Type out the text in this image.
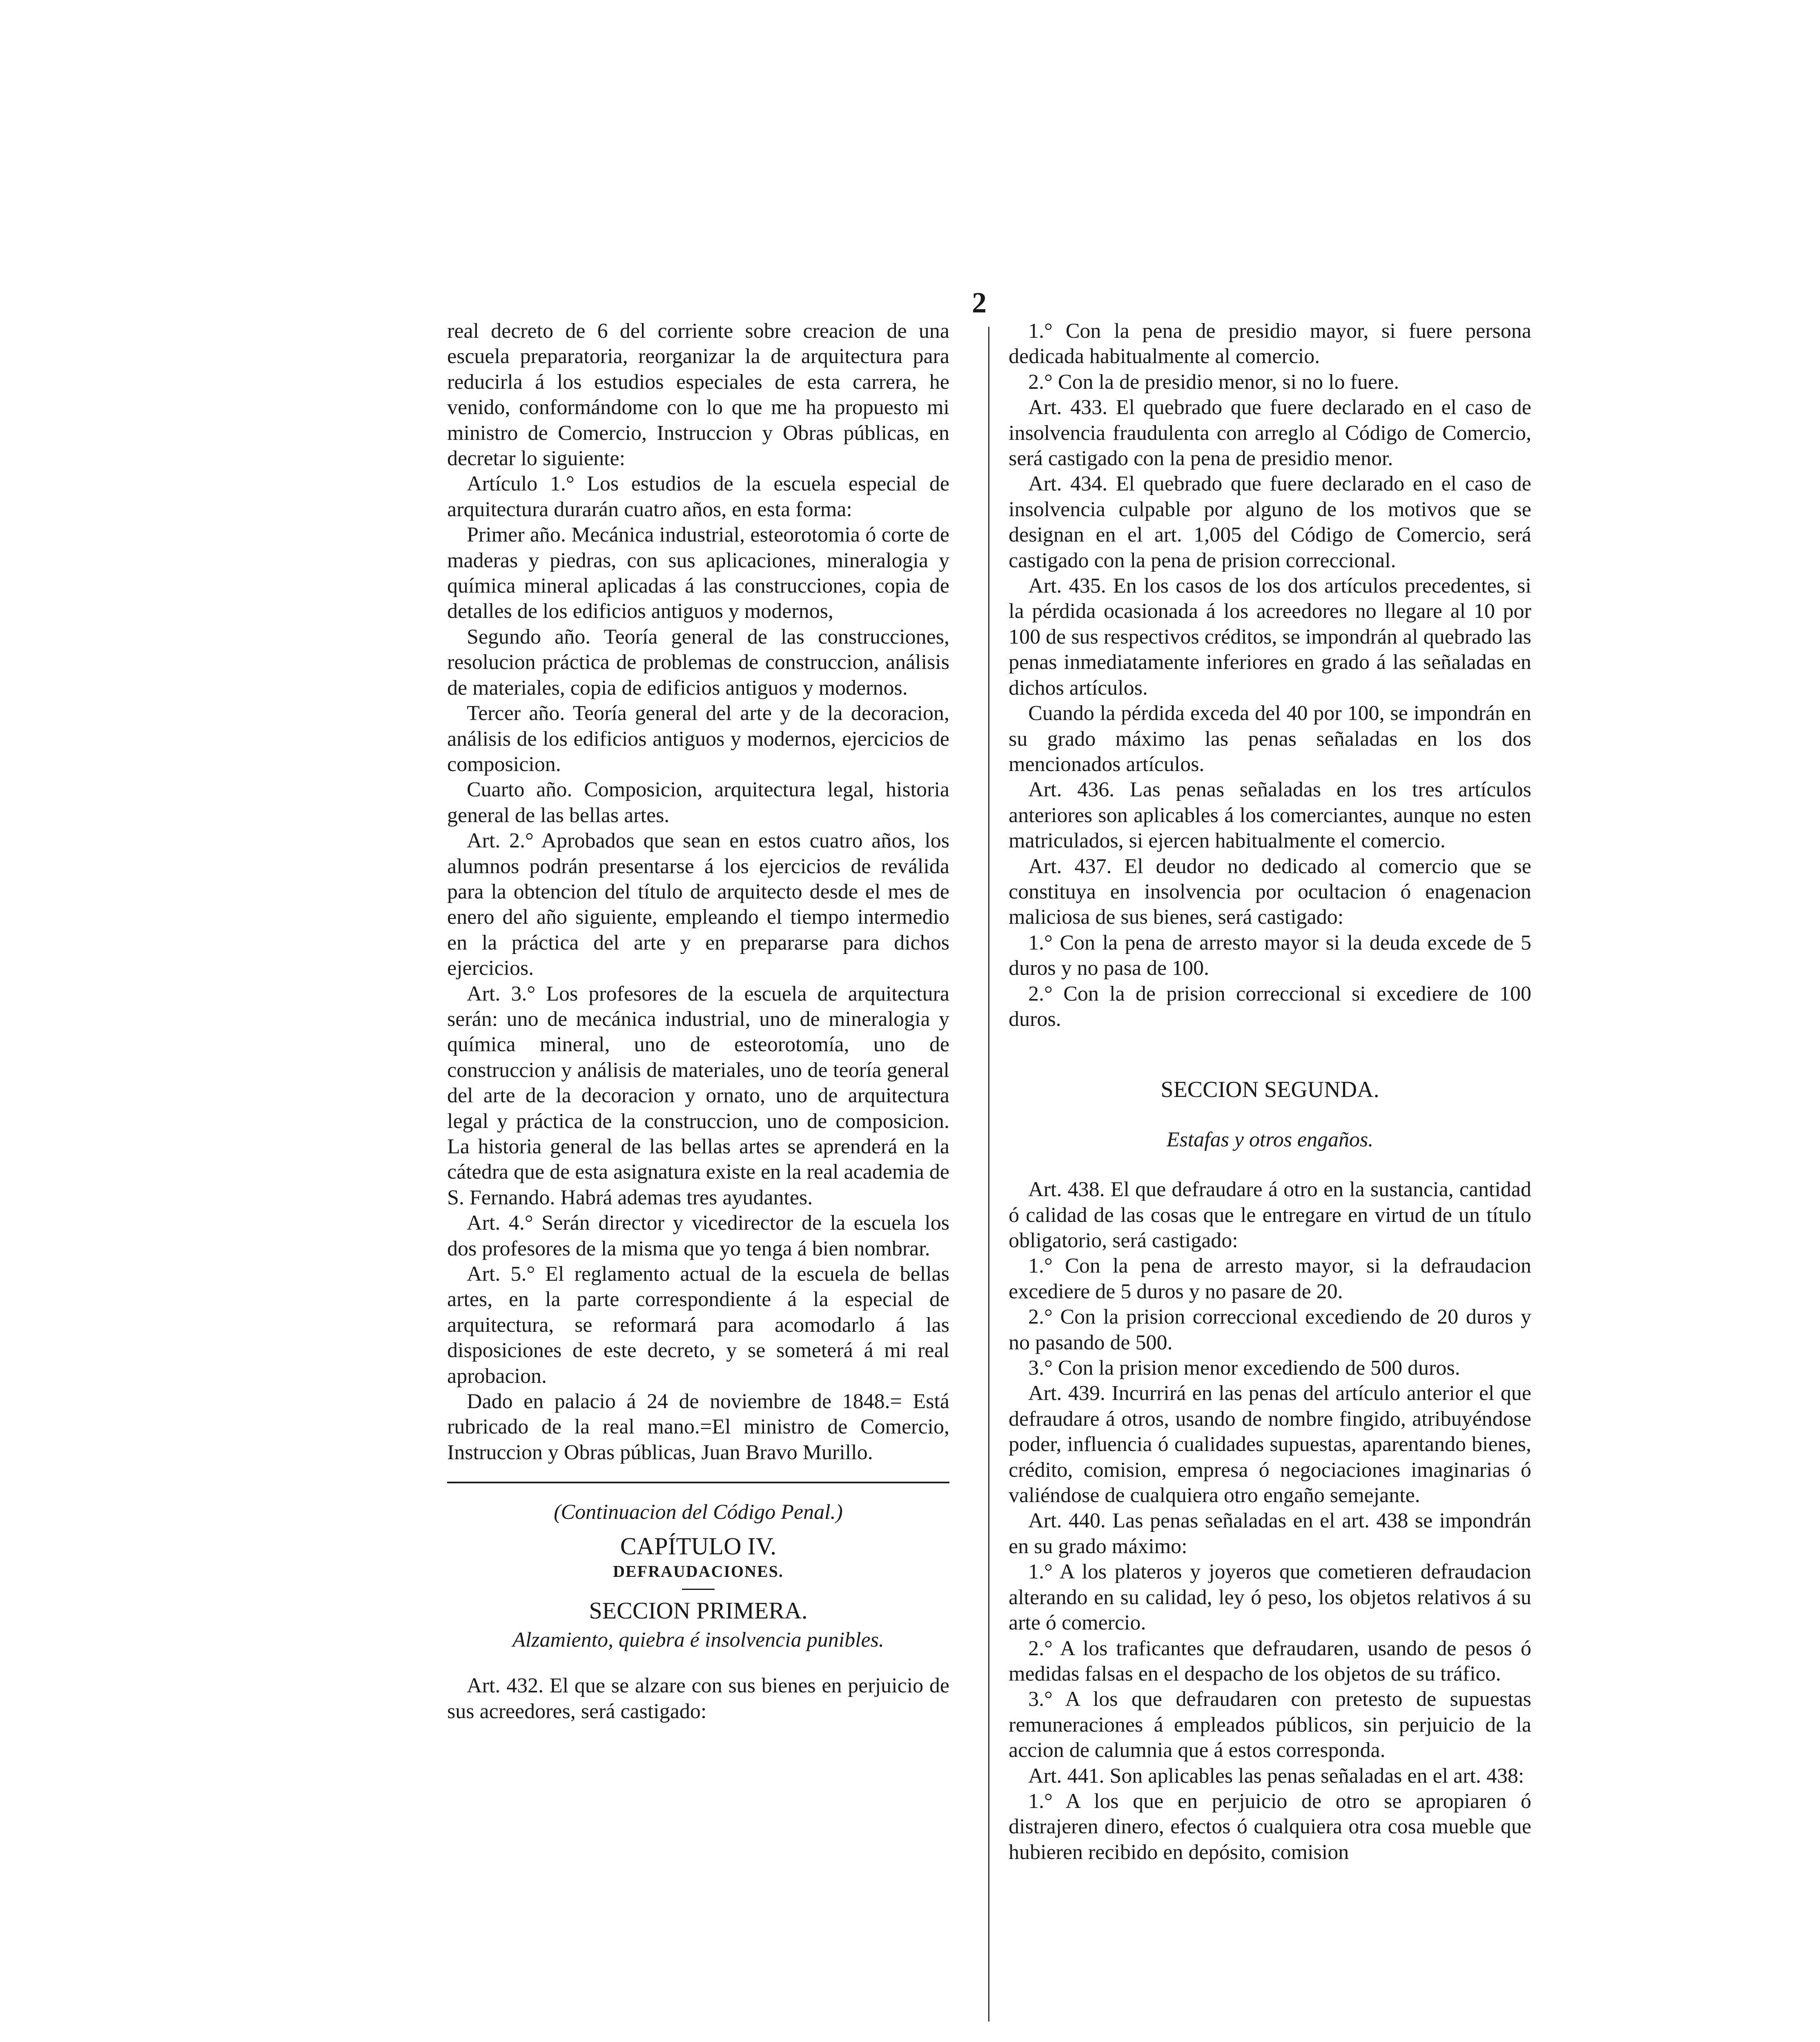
2

real decreto de 6 del corriente sobre creacion de una escuela preparatoria, reorganizar la de arquitectura para reducirla á los estudios especiales de esta carrera, he venido, conformándome con lo que me ha propuesto mi ministro de Comercio, Instruccion y Obras públicas, en decretar lo siguiente:

Artículo 1.° Los estudios de la escuela especial de arquitectura durarán cuatro años, en esta forma:

Primer año. Mecánica industrial, esteorotomia ó corte de maderas y piedras, con sus aplicaciones, mineralogia y química mineral aplicadas á las construcciones, copia de detalles de los edificios antiguos y modernos,

Segundo año. Teoría general de las construcciones, resolucion práctica de problemas de construccion, análisis de materiales, copia de edificios antiguos y modernos.

Tercer año. Teoría general del arte y de la decoracion, análisis de los edificios antiguos y modernos, ejercicios de composicion.

Cuarto año. Composicion, arquitectura legal, historia general de las bellas artes.

Art. 2.° Aprobados que sean en estos cuatro años, los alumnos podrán presentarse á los ejercicios de reválida para la obtencion del título de arquitecto desde el mes de enero del año siguiente, empleando el tiempo intermedio en la práctica del arte y en prepararse para dichos ejercicios.

Art. 3.° Los profesores de la escuela de arquitectura serán: uno de mecánica industrial, uno de mineralogia y química mineral, uno de esteorotomía, uno de construccion y análisis de materiales, uno de teoría general del arte de la decoracion y ornato, uno de arquitectura legal y práctica de la construccion, uno de composicion. La historia general de las bellas artes se aprenderá en la cátedra que de esta asignatura existe en la real academia de S. Fernando. Habrá ademas tres ayudantes.

Art. 4.° Serán director y vicedirector de la escuela los dos profesores de la misma que yo tenga á bien nombrar.

Art. 5.° El reglamento actual de la escuela de bellas artes, en la parte correspondiente á la especial de arquitectura, se reformará para acomodarlo á las disposiciones de este decreto, y se someterá á mi real aprobacion.

Dado en palacio á 24 de noviembre de 1848.= Está rubricado de la real mano.=El ministro de Comercio, Instruccion y Obras públicas, Juan Bravo Murillo.

(Continuacion del Código Penal.)

CAPÍTULO IV.

DEFRAUDACIONES.

SECCION PRIMERA.

Alzamiento, quiebra é insolvencia punibles.

Art. 432. El que se alzare con sus bienes en perjuicio de sus acreedores, será castigado:

1.° Con la pena de presidio mayor, si fuere persona dedicada habitualmente al comercio.

2.° Con la de presidio menor, si no lo fuere.

Art. 433. El quebrado que fuere declarado en el caso de insolvencia fraudulenta con arreglo al Código de Comercio, será castigado con la pena de presidio menor.

Art. 434. El quebrado que fuere declarado en el caso de insolvencia culpable por alguno de los motivos que se designan en el art. 1,005 del Código de Comercio, será castigado con la pena de prision correccional.

Art. 435. En los casos de los dos artículos precedentes, si la pérdida ocasionada á los acreedores no llegare al 10 por 100 de sus respectivos créditos, se impondrán al quebrado las penas inmediatamente inferiores en grado á las señaladas en dichos artículos.

Cuando la pérdida exceda del 40 por 100, se impondrán en su grado máximo las penas señaladas en los dos mencionados artículos.

Art. 436. Las penas señaladas en los tres artículos anteriores son aplicables á los comerciantes, aunque no esten matriculados, si ejercen habitualmente el comercio.

Art. 437. El deudor no dedicado al comercio que se constituya en insolvencia por ocultacion ó enagenacion maliciosa de sus bienes, será castigado:

1.° Con la pena de arresto mayor si la deuda excede de 5 duros y no pasa de 100.

2.° Con la de prision correccional si excediere de 100 duros.

SECCION SEGUNDA.

Estafas y otros engaños.

Art. 438. El que defraudare á otro en la sustancia, cantidad ó calidad de las cosas que le entregare en virtud de un título obligatorio, será castigado:

1.° Con la pena de arresto mayor, si la defraudacion excediere de 5 duros y no pasare de 20.

2.° Con la prision correccional excediendo de 20 duros y no pasando de 500.

3.° Con la prision menor excediendo de 500 duros.

Art. 439. Incurrirá en las penas del artículo anterior el que defraudare á otros, usando de nombre fingido, atribuyéndose poder, influencia ó cualidades supuestas, aparentando bienes, crédito, comision, empresa ó negociaciones imaginarias ó valiéndose de cualquiera otro engaño semejante.

Art. 440. Las penas señaladas en el art. 438 se impondrán en su grado máximo:

1.° A los plateros y joyeros que cometieren defraudacion alterando en su calidad, ley ó peso, los objetos relativos á su arte ó comercio.

2.° A los traficantes que defraudaren, usando de pesos ó medidas falsas en el despacho de los objetos de su tráfico.

3.° A los que defraudaren con pretesto de supuestas remuneraciones á empleados públicos, sin perjuicio de la accion de calumnia que á estos corresponda.

Art. 441. Son aplicables las penas señaladas en el art. 438:

1.° A los que en perjuicio de otro se apropiaren ó distrajeren dinero, efectos ó cualquiera otra cosa mueble que hubieren recibido en depósito, comision
